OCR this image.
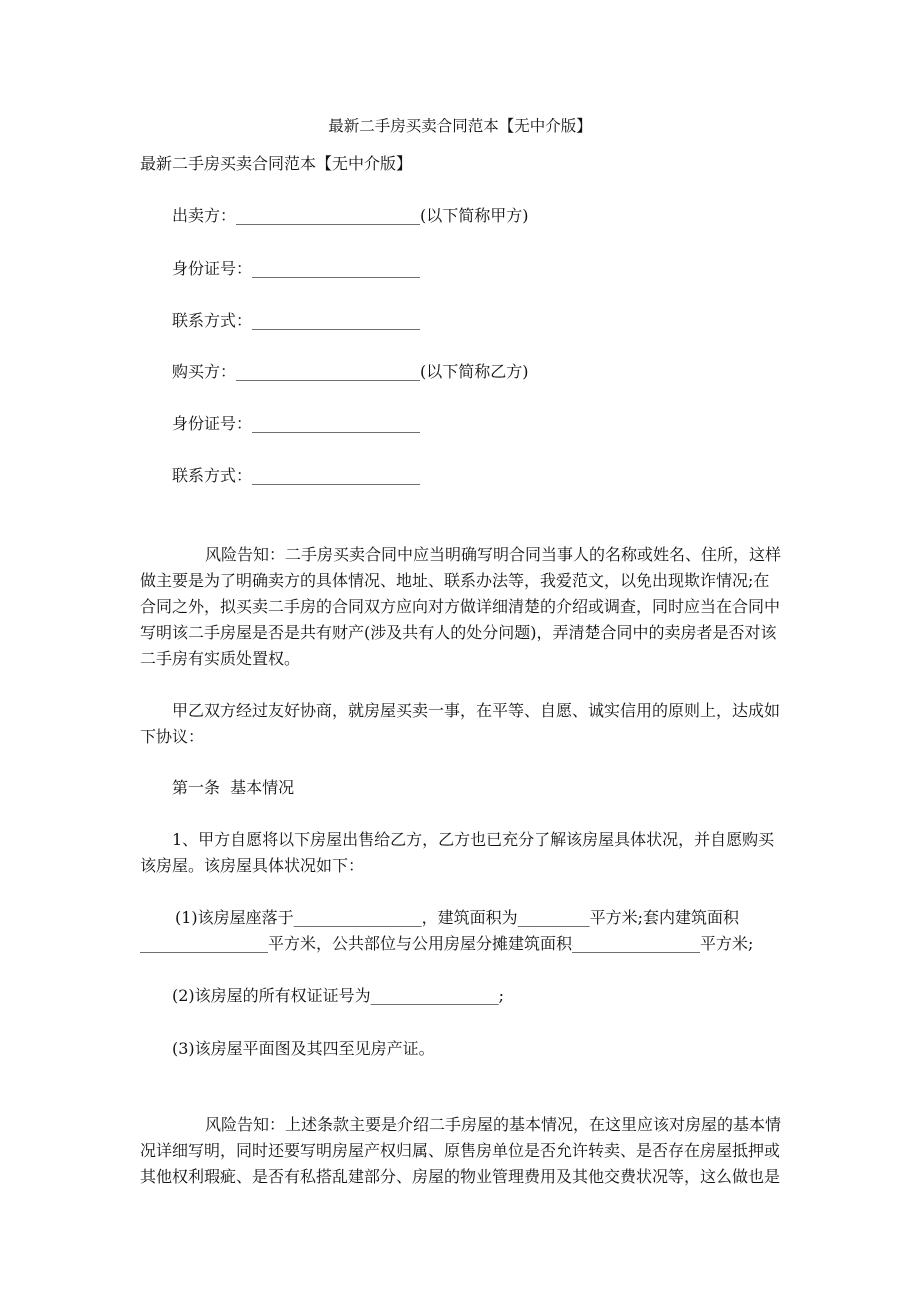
最新二手房买卖合同范本【无中介版】
最新二手房买卖合同范本【无中介版】
出卖方：_______________________(以下简称甲方)
身份证号：_____________________
联系方式：_____________________
购买方：_______________________(以下简称乙方)
身份证号：_____________________
联系方式：_____________________
风险告知：二手房买卖合同中应当明确写明合同当事人的名称或姓名、住所，这样
做主要是为了明确卖方的具体情况、地址、联系办法等，我爱范文，以免出现欺诈情况;在
合同之外，拟买卖二手房的合同双方应向对方做详细清楚的介绍或调查，同时应当在合同中
写明该二手房屋是否是共有财产(涉及共有人的处分问题)，弄清楚合同中的卖房者是否对该
二手房有实质处置权。
甲乙双方经过友好协商，就房屋买卖一事，在平等、自愿、诚实信用的原则上，达成如
下协议：
第一条  基本情况
1、甲方自愿将以下房屋出售给乙方，乙方也已充分了解该房屋具体状况，并自愿购买
该房屋。该房屋具体状况如下：
(1)该房屋座落于________________，建筑面积为_________平方米;套内建筑面积
________________平方米，公共部位与公用房屋分摊建筑面积________________平方米;
(2)该房屋的所有权证证号为________________;
(3)该房屋平面图及其四至见房产证。
风险告知：上述条款主要是介绍二手房屋的基本情况，在这里应该对房屋的基本情
况详细写明，同时还要写明房屋产权归属、原售房单位是否允许转卖、是否存在房屋抵押或
其他权利瑕疵、是否有私搭乱建部分、房屋的物业管理费用及其他交费状况等，这么做也是
